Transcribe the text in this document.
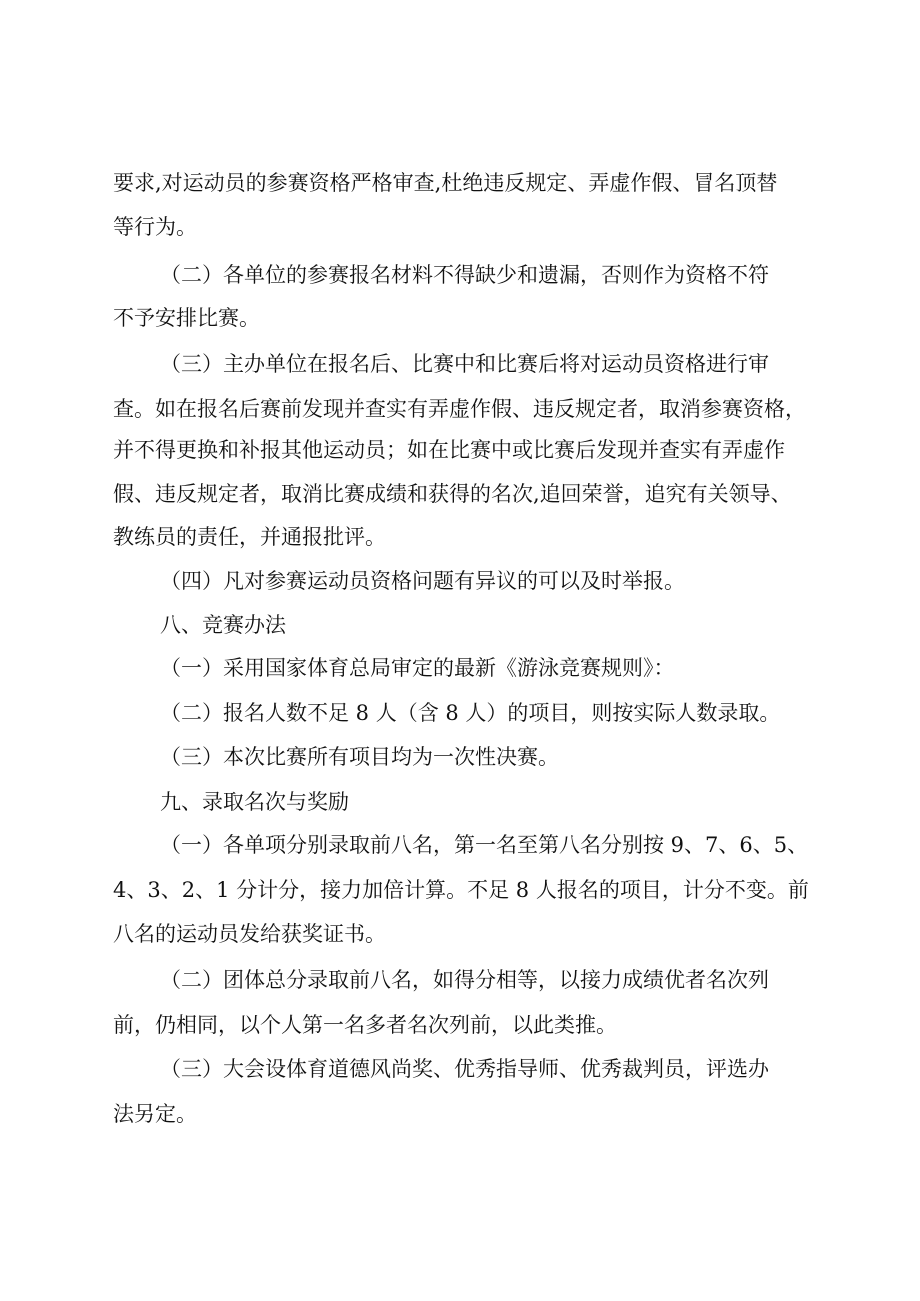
要求,对运动员的参赛资格严格审查,杜绝违反规定、弄虚作假、冒名顶替
等行为。
（二）各单位的参赛报名材料不得缺少和遗漏，否则作为资格不符
不予安排比赛。
（三）主办单位在报名后、比赛中和比赛后将对运动员资格进行审
查。如在报名后赛前发现并查实有弄虚作假、违反规定者，取消参赛资格，
并不得更换和补报其他运动员；如在比赛中或比赛后发现并查实有弄虚作
假、违反规定者，取消比赛成绩和获得的名次,追回荣誉，追究有关领导、
教练员的责任，并通报批评。
（四）凡对参赛运动员资格问题有异议的可以及时举报。
八、竞赛办法
（一）采用国家体育总局审定的最新《游泳竞赛规则》：
（二）报名人数不足 8 人（含 8 人）的项目，则按实际人数录取。
（三）本次比赛所有项目均为一次性决赛。
九、录取名次与奖励
（一）各单项分别录取前八名，第一名至第八名分别按 9、7、6、5、
4、3、2、1 分计分，接力加倍计算。不足 8 人报名的项目，计分不变。前
八名的运动员发给获奖证书。
（二）团体总分录取前八名，如得分相等，以接力成绩优者名次列
前，仍相同，以个人第一名多者名次列前，以此类推。
（三）大会设体育道德风尚奖、优秀指导师、优秀裁判员，评选办
法另定。
